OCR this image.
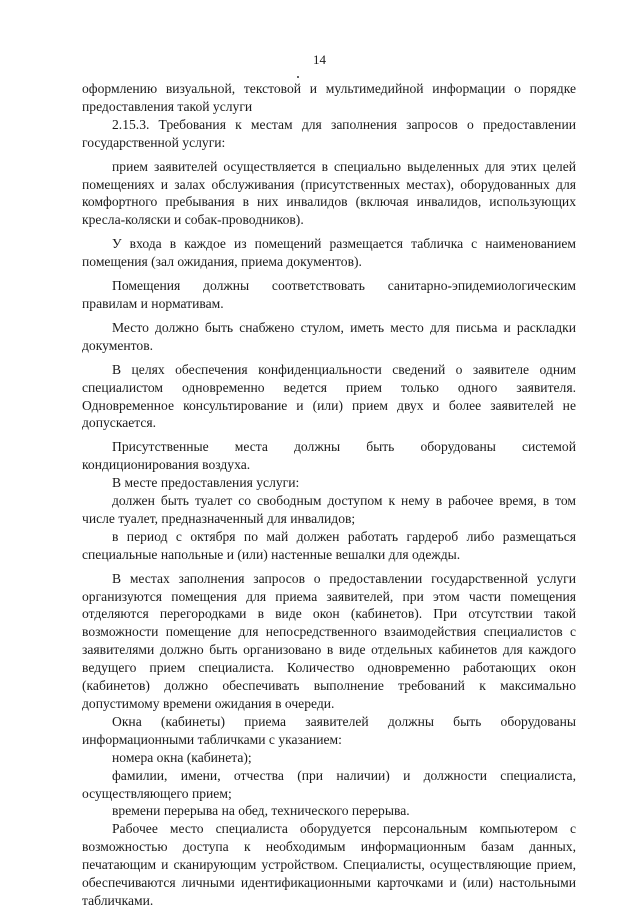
14

оформлению визуальной, текстовой и мультимедийной информации о порядке предоставления такой услуги

2.15.3. Требования к местам для заполнения запросов о предоставлении государственной услуги:

прием заявителей осуществляется в специально выделенных для этих целей помещениях и залах обслуживания (присутственных местах), оборудованных для комфортного пребывания в них инвалидов (включая инвалидов, использующих кресла-коляски и собак-проводников).

У входа в каждое из помещений размещается табличка с наименованием помещения (зал ожидания, приема документов).

Помещения должны соответствовать санитарно-эпидемиологическим правилам и нормативам.

Место должно быть снабжено стулом, иметь место для письма и раскладки документов.

В целях обеспечения конфиденциальности сведений о заявителе одним специалистом одновременно ведется прием только одного заявителя. Одновременное консультирование и (или) прием двух и более заявителей не допускается.

Присутственные места должны быть оборудованы системой кондиционирования воздуха.

В месте предоставления услуги:

должен быть туалет со свободным доступом к нему в рабочее время, в том числе туалет, предназначенный для инвалидов;

в период с октября по май должен работать гардероб либо размещаться специальные напольные и (или) настенные вешалки для одежды.

В местах заполнения запросов о предоставлении государственной услуги организуются помещения для приема заявителей, при этом части помещения отделяются перегородками в виде окон (кабинетов). При отсутствии такой возможности помещение для непосредственного взаимодействия специалистов с заявителями должно быть организовано в виде отдельных кабинетов для каждого ведущего прием специалиста. Количество одновременно работающих окон (кабинетов) должно обеспечивать выполнение требований к максимально допустимому времени ожидания в очереди.

Окна (кабинеты) приема заявителей должны быть оборудованы информационными табличками с указанием:

номера окна (кабинета);

фамилии, имени, отчества (при наличии) и должности специалиста, осуществляющего прием;

времени перерыва на обед, технического перерыва.

Рабочее место специалиста оборудуется персональным компьютером с возможностью доступа к необходимым информационным базам данных, печатающим и сканирующим устройством. Специалисты, осуществляющие прием, обеспечиваются личными идентификационными карточками и (или) настольными табличками.
